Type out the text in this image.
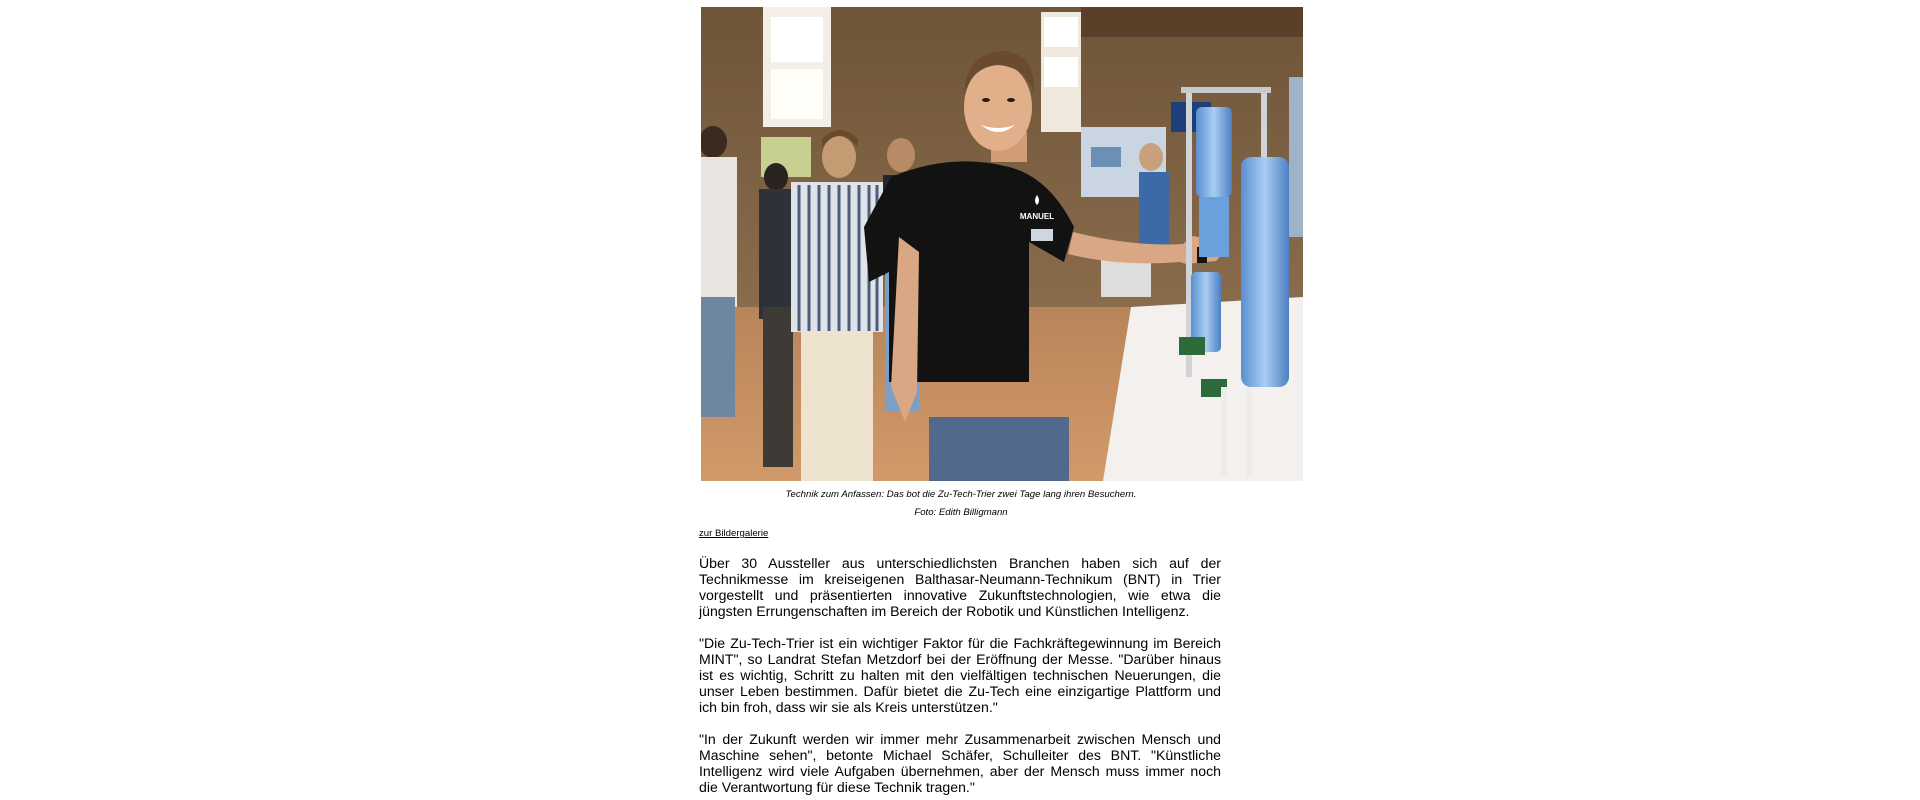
MANUEL
Technik zum Anfassen: Das bot die Zu-Tech-Trier zwei Tage lang ihren Besuchern.
Foto: Edith Billigmann
zur Bildergalerie

Über 30 Aussteller aus unterschiedlichsten Branchen haben sich auf der Technikmesse im kreiseigenen Balthasar-Neumann-Technikum (BNT) in Trier vorgestellt und präsentierten innovative Zukunftstechnologien, wie etwa die jüngsten Errungenschaften im Bereich der Robotik und Künstlichen Intelligenz.

"Die Zu-Tech-Trier ist ein wichtiger Faktor für die Fachkräftegewinnung im Bereich MINT", so Landrat Stefan Metzdorf bei der Eröffnung der Messe. "Darüber hinaus ist es wichtig, Schritt zu halten mit den vielfältigen technischen Neuerungen, die unser Leben bestimmen. Dafür bietet die Zu-Tech eine einzigartige Plattform und ich bin froh, dass wir sie als Kreis unterstützen."

"In der Zukunft werden wir immer mehr Zusammenarbeit zwischen Mensch und Maschine sehen", betonte Michael Schäfer, Schulleiter des BNT. "Künstliche Intelligenz wird viele Aufgaben übernehmen, aber der Mensch muss immer noch die Verantwortung für diese Technik tragen."
